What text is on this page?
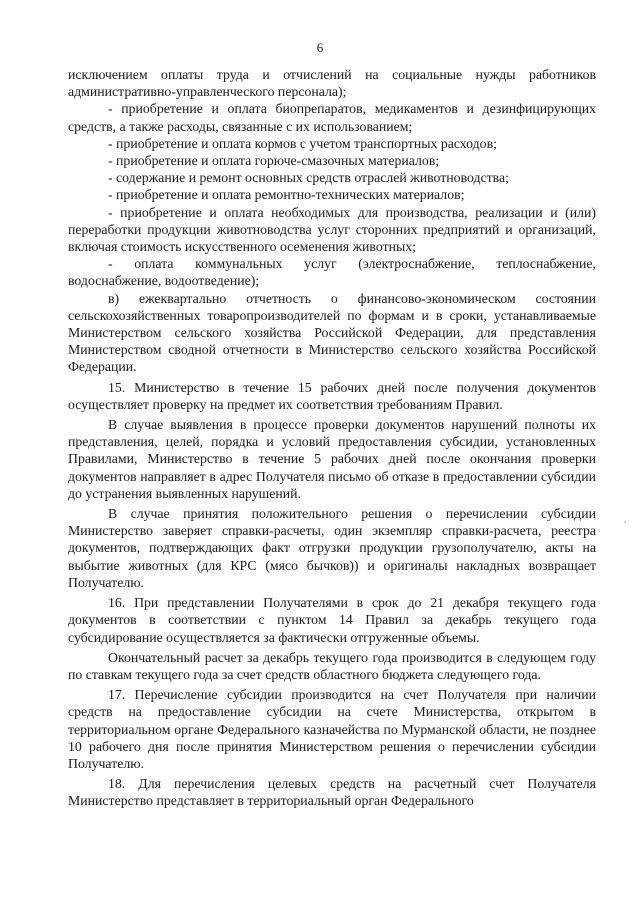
6

исключением оплаты труда и отчислений на социальные нужды работников административно-управленческого персонала);

- приобретение и оплата биопрепаратов, медикаментов и дезинфицирующих средств, а также расходы, связанные с их использованием;

- приобретение и оплата кормов с учетом транспортных расходов;

- приобретение и оплата горюче-смазочных материалов;

- содержание и ремонт основных средств отраслей животноводства;

- приобретение и оплата ремонтно-технических материалов;

- приобретение и оплата необходимых для производства, реализации и (или) переработки продукции животноводства услуг сторонних предприятий и организаций, включая стоимость искусственного осеменения животных;

- оплата коммунальных услуг (электроснабжение, теплоснабжение, водоснабжение, водоотведение);

в) ежеквартально отчетность о финансово-экономическом состоянии сельскохозяйственных товаропроизводителей по формам и в сроки, устанавливаемые Министерством сельского хозяйства Российской Федерации, для представления Министерством сводной отчетности в Министерство сельского хозяйства Российской Федерации.

15. Министерство в течение 15 рабочих дней после получения документов осуществляет проверку на предмет их соответствия требованиям Правил.

В случае выявления в процессе проверки документов нарушений полноты их представления, целей, порядка и условий предоставления субсидии, установленных Правилами, Министерство в течение 5 рабочих дней после окончания проверки документов направляет в адрес Получателя письмо об отказе в предоставлении субсидии до устранения выявленных нарушений.

В случае принятия положительного решения о перечислении субсидии Министерство заверяет справки-расчеты, один экземпляр справки-расчета, реестра документов, подтверждающих факт отгрузки продукции грузополучателю, акты на выбытие животных (для КРС (мясо бычков)) и оригиналы накладных возвращает Получателю.

16. При представлении Получателями в срок до 21 декабря текущего года документов в соответствии с пунктом 14 Правил за декабрь текущего года субсидирование осуществляется за фактически отгруженные объемы.

Окончательный расчет за декабрь текущего года производится в следующем году по ставкам текущего года за счет средств областного бюджета следующего года.

17. Перечисление субсидии производится на счет Получателя при наличии средств на предоставление субсидии на счете Министерства, открытом в территориальном органе Федерального казначейства по Мурманской области, не позднее 10 рабочего дня после принятия Министерством решения о перечислении субсидии Получателю.

18. Для перечисления целевых средств на расчетный счет Получателя Министерство представляет в территориальный орган Федерального

,
